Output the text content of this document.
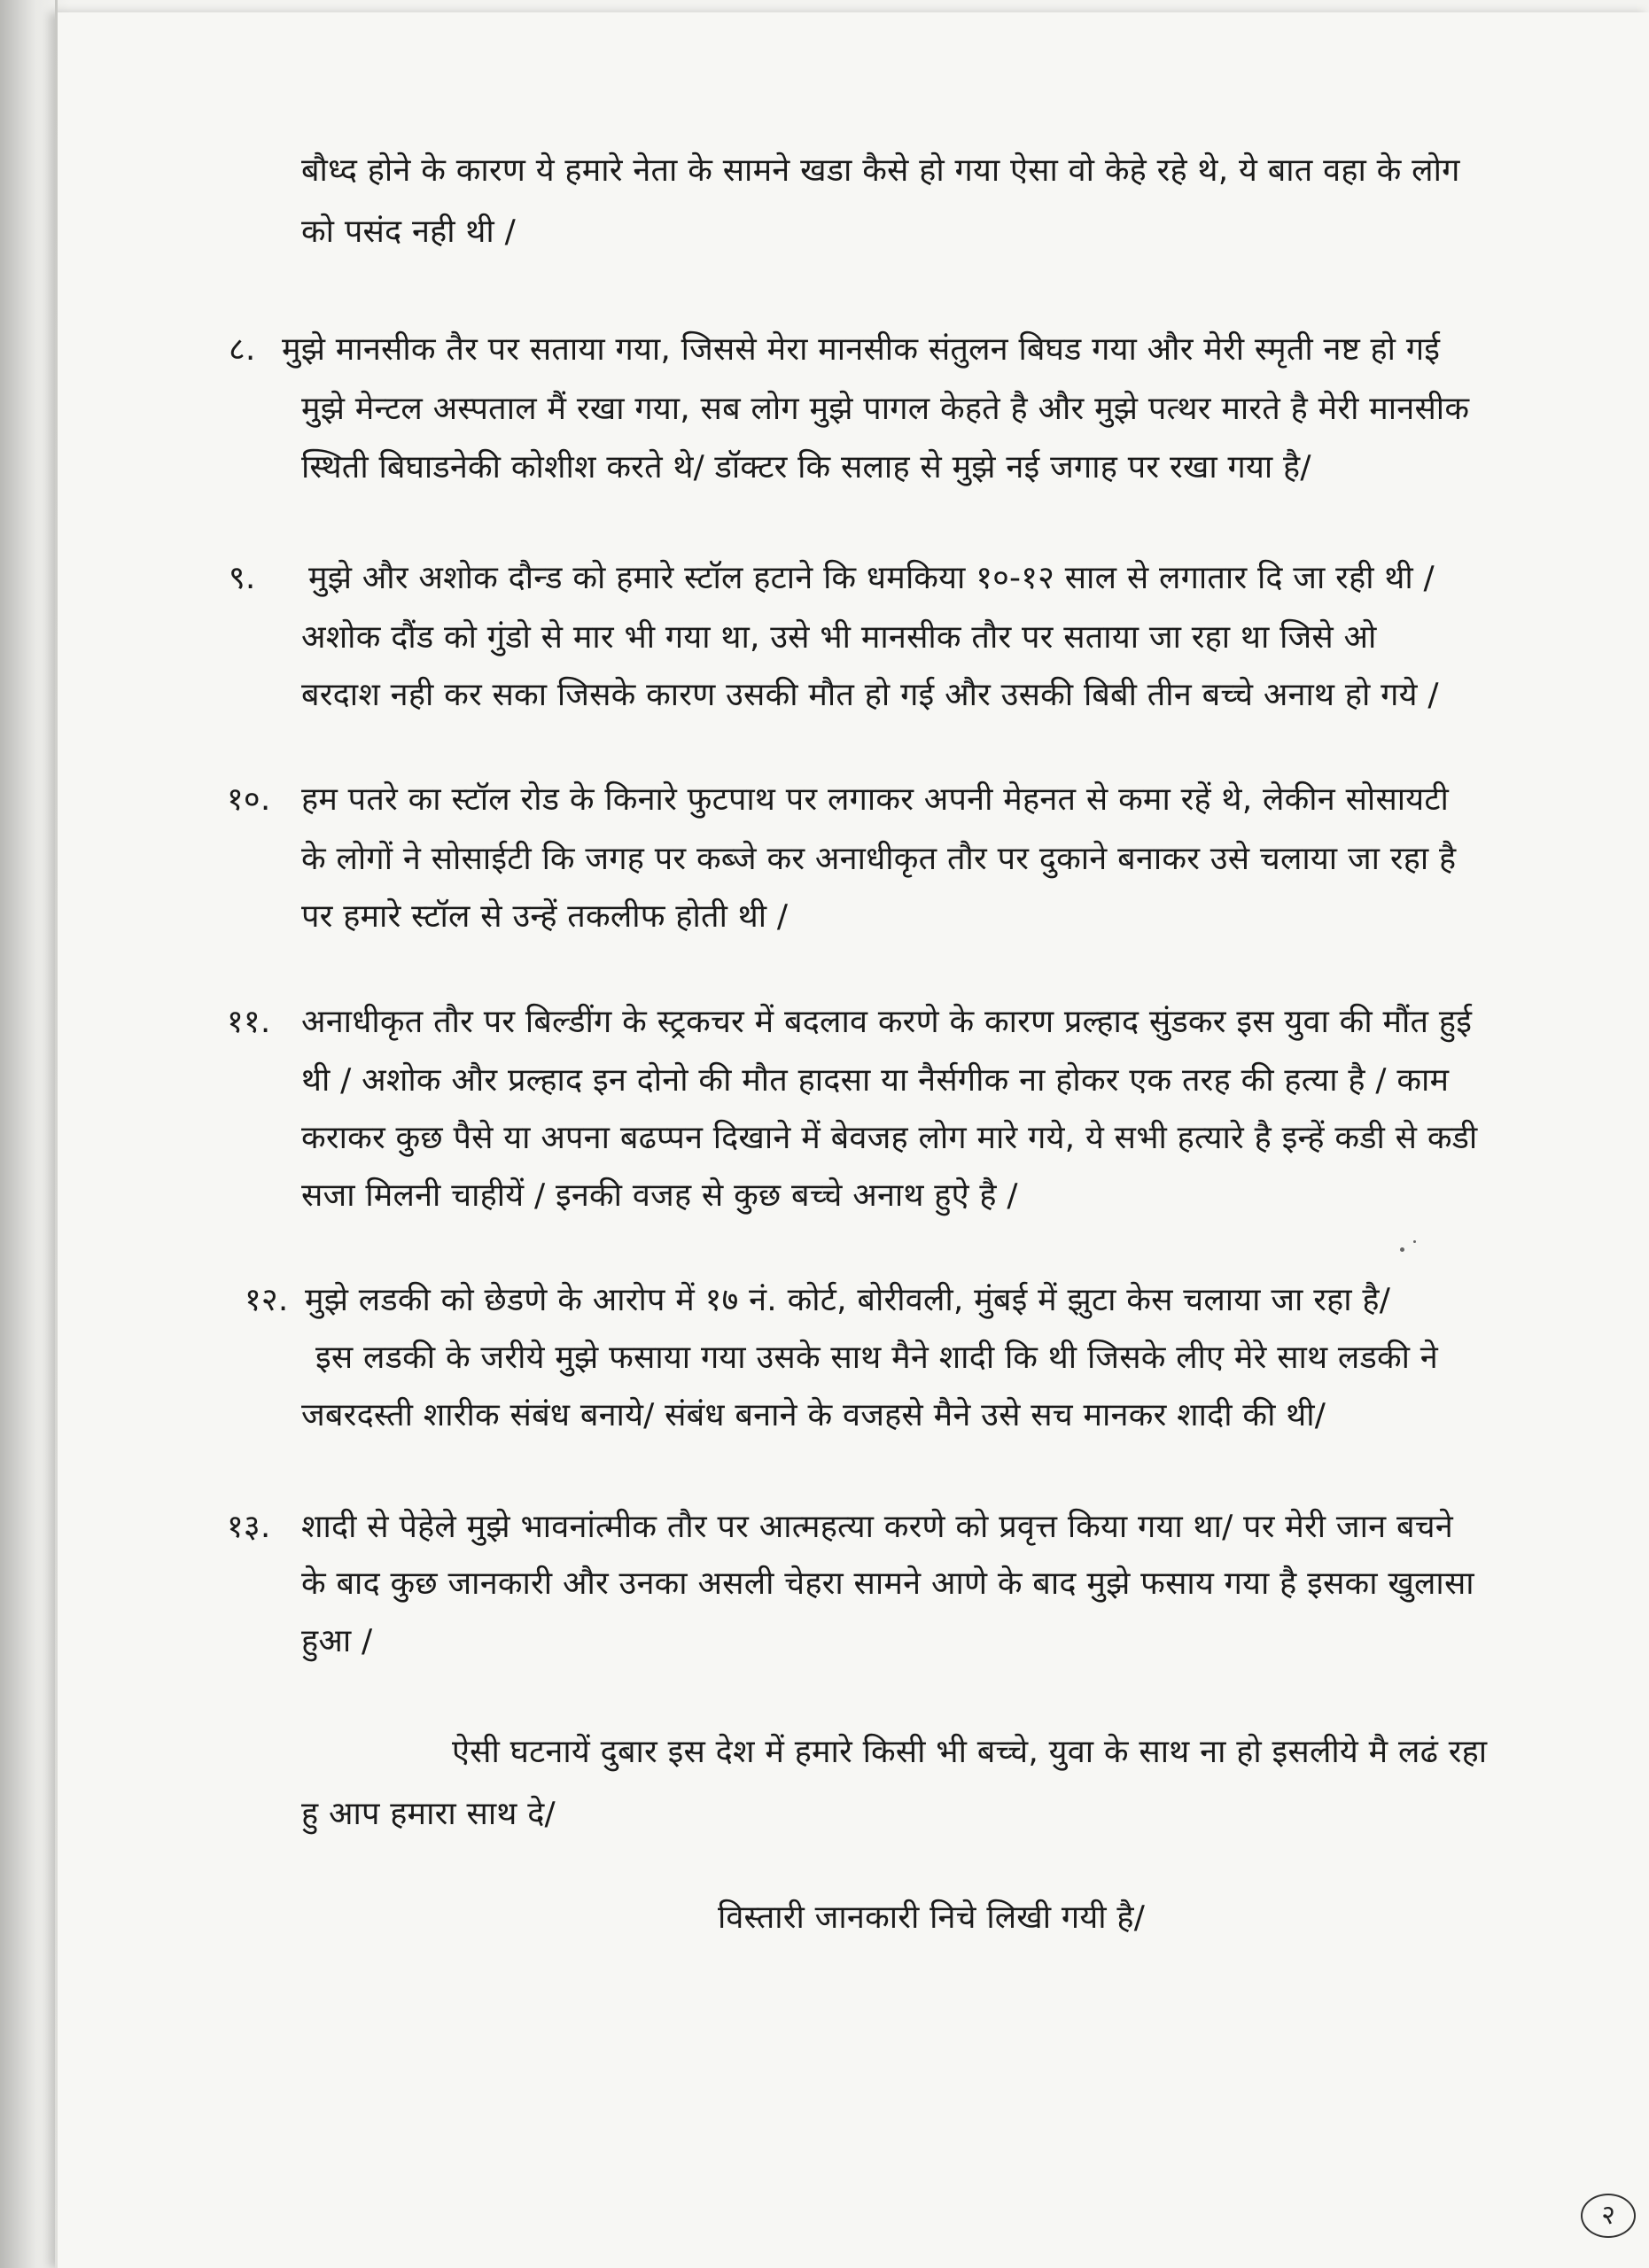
बौध्द होने के कारण ये हमारे नेता के सामने खडा कैसे हो गया ऐसा वो केहे रहे थे, ये बात वहा के लोग
को पसंद नही थी /
८. मुझे मानसीक तैर पर सताया गया, जिससे मेरा मानसीक संतुलन बिघड गया और मेरी स्मृती नष्ट हो गई
मुझे मेन्टल अस्पताल मैं रखा गया, सब लोग मुझे पागल केहते है और मुझे पत्थर मारते है मेरी मानसीक
स्थिती बिघाडनेकी कोशीश करते थे/ डॉक्टर कि सलाह से मुझे नई जगाह पर रखा गया है/
९. मुझे और अशोक दौन्ड को हमारे स्टॉल हटाने कि धमकिया १०-१२ साल से लगातार दि जा रही थी /
अशोक दौंड को गुंडो से मार भी गया था, उसे भी मानसीक तौर पर सताया जा रहा था जिसे ओ
बरदाश नही कर सका जिसके कारण उसकी मौत हो गई और उसकी बिबी तीन बच्चे अनाथ हो गये /
१०. हम पतरे का स्टॉल रोड के किनारे फुटपाथ पर लगाकर अपनी मेहनत से कमा रहें थे, लेकीन सोसायटी
के लोगों ने सोसाईटी कि जगह पर कब्जे कर अनाधीकृत तौर पर दुकाने बनाकर उसे चलाया जा रहा है
पर हमारे स्टॉल से उन्हें तकलीफ होती थी /
११. अनाधीकृत तौर पर बिल्डींग के स्ट्रकचर में बदलाव करणे के कारण प्रल्हाद सुंडकर इस युवा की मौंत हुई
थी / अशोक और प्रल्हाद इन दोनो की मौत हादसा या नैर्सगीक ना होकर एक तरह की हत्या है / काम
कराकर कुछ पैसे या अपना बढप्पन दिखाने में बेवजह लोग मारे गये, ये सभी हत्यारे है इन्हें कडी से कडी
सजा मिलनी चाहीयें / इनकी वजह से कुछ बच्चे अनाथ हुऐ है /
१२. मुझे लडकी को छेडणे के आरोप में १७ नं. कोर्ट, बोरीवली, मुंबई में झुटा केस चलाया जा रहा है/
इस लडकी के जरीये मुझे फसाया गया उसके साथ मैने शादी कि थी जिसके लीए मेरे साथ लडकी ने
जबरदस्ती शारीक संबंध बनाये/ संबंध बनाने के वजहसे मैने उसे सच मानकर शादी की थी/
१३. शादी से पेहेले मुझे भावनांत्मीक तौर पर आत्महत्या करणे को प्रवृत्त किया गया था/ पर मेरी जान बचने
के बाद कुछ जानकारी और उनका असली चेहरा सामने आणे के बाद मुझे फसाय गया है इसका खुलासा
हुआ /
ऐसी घटनायें दुबार इस देश में हमारे किसी भी बच्चे, युवा के साथ ना हो इसलीये मै लढं रहा
हु आप हमारा साथ दे/
विस्तारी जानकारी निचे लिखी गयी है/
२
